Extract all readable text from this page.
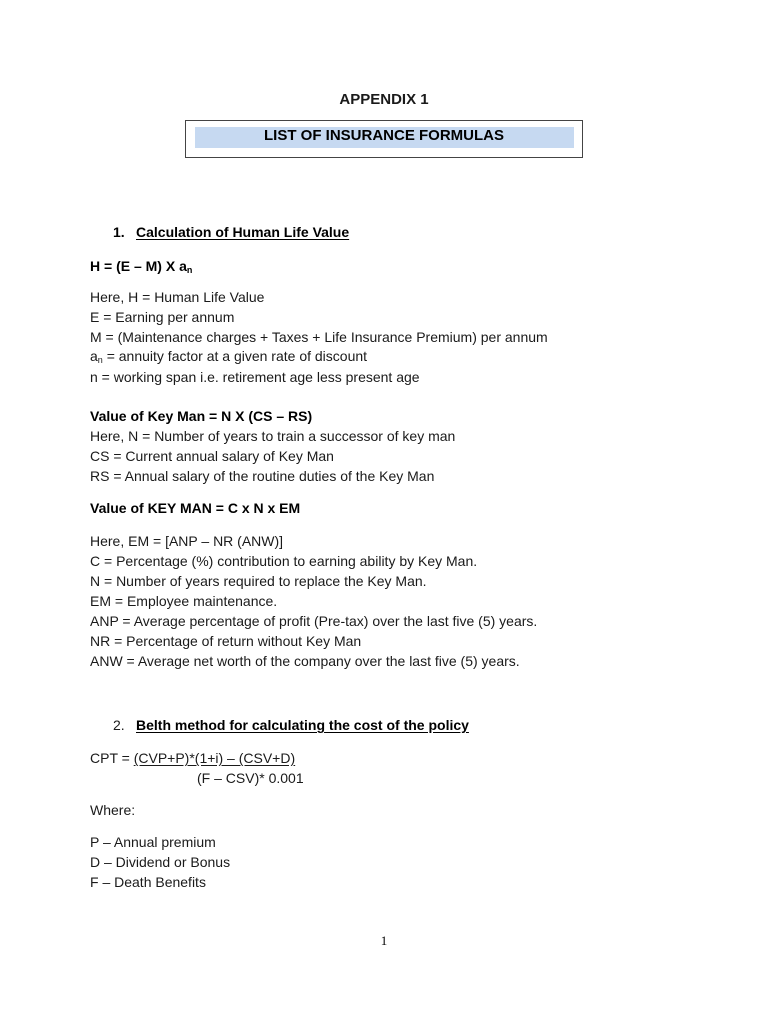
APPENDIX 1
LIST OF INSURANCE FORMULAS
1. Calculation of Human Life Value
H = (E – M) X $a_n$
Here, H = Human Life Value
E = Earning per annum
M = (Maintenance charges + Taxes + Life Insurance Premium) per annum
$a_n$ = annuity factor at a given rate of discount
n = working span i.e. retirement age less present age
Value of Key Man = N X (CS – RS)
Here, N = Number of years to train a successor of key man
CS = Current annual salary of Key Man
RS = Annual salary of the routine duties of the Key Man
Value of KEY MAN = C x N x EM
Here, EM = [ANP – NR (ANW)]
C = Percentage (%) contribution to earning ability by Key Man.
N = Number of years required to replace the Key Man.
EM = Employee maintenance.
ANP = Average percentage of profit (Pre-tax) over the last five (5) years.
NR = Percentage of return without Key Man
ANW = Average net worth of the company over the last five (5) years.
2. Belth method for calculating the cost of the policy
CPT = (CVP+P)*(1+i) – (CSV+D)
(F – CSV)* 0.001
Where:
P – Annual premium
D – Dividend or Bonus
F – Death Benefits
1
